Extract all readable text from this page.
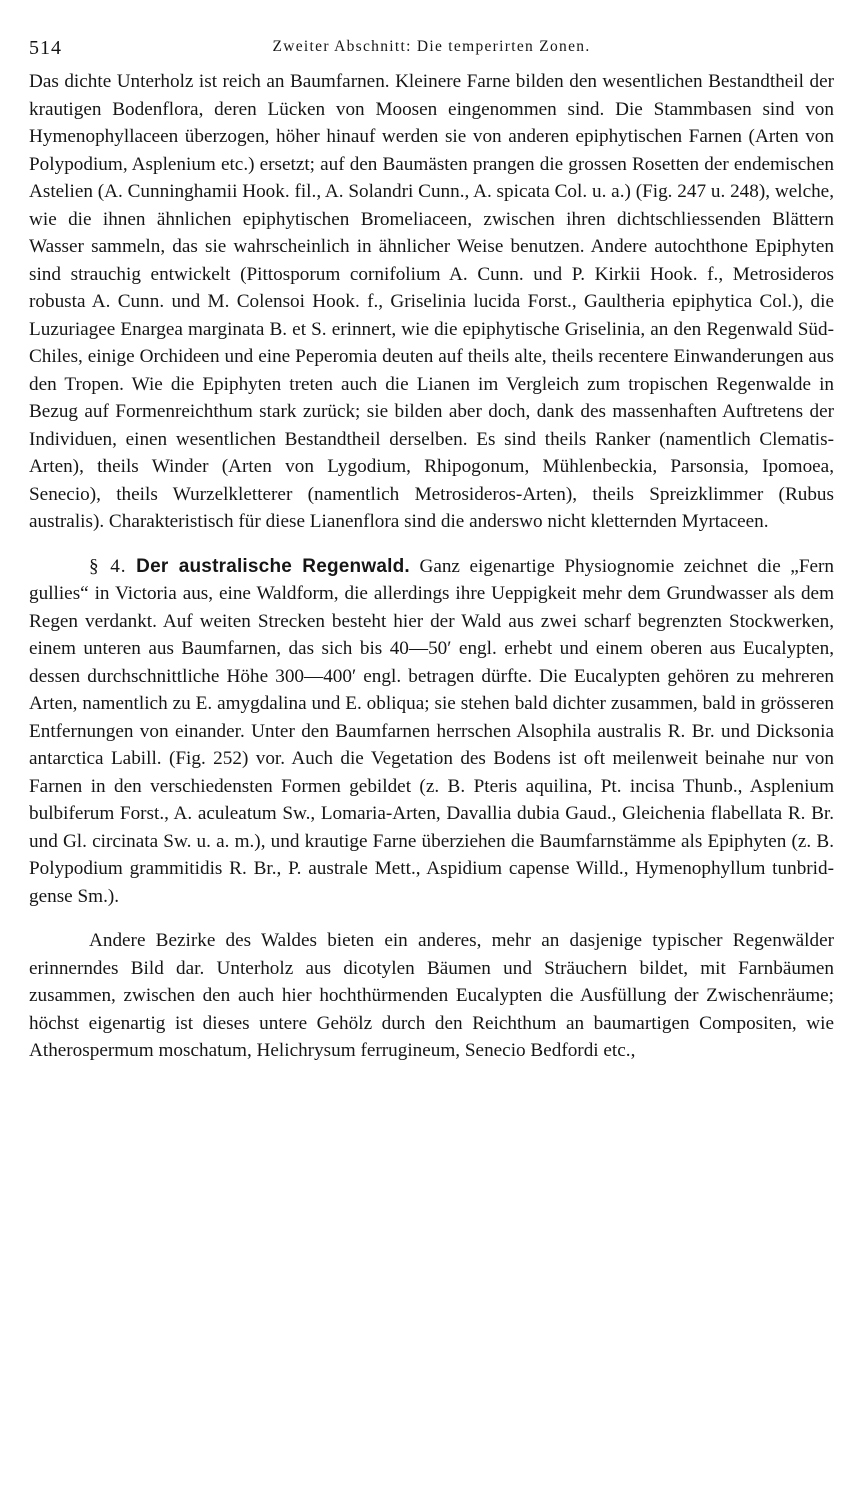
514	Zweiter Abschnitt: Die temperirten Zonen.

Das dichte Unterholz ist reich an Baumfarnen. Kleinere Farne bilden den wesentlichen Bestandtheil der krautigen Bodenflora, deren Lücken von Moosen eingenommen sind. Die Stammbasen sind von Hymenophyllaceen überzogen, höher hinauf werden sie von anderen epiphytischen Farnen (Arten von Polypodium, Asplenium etc.) ersetzt; auf den Baumästen prangen die grossen Rosetten der endemischen Astelien (A. Cunninghamii Hook. fil., A. Solandri Cunn., A. spicata Col. u. a.) (Fig. 247 u. 248), welche, wie die ihnen ähnlichen epiphytischen Bromeliaceen, zwischen ihren dichtschliessenden Blättern Wasser sammeln, das sie wahrscheinlich in ähnlicher Weise benutzen. Andere autochthone Epiphyten sind strauchig entwickelt (Pittosporum cornifolium A. Cunn. und P. Kirkii Hook. f., Metrosideros robusta A. Cunn. und M. Colensoi Hook. f., Griselinia lucida Forst., Gaultheria epiphytica Col.), die Luzuriagee Enargea marginata B. et S. erinnert, wie die epiphytische Griselinia, an den Regenwald Süd-Chiles, einige Orchideen und eine Peperomia deuten auf theils alte, theils recentere Einwanderungen aus den Tropen. Wie die Epiphyten treten auch die Lianen im Vergleich zum tropischen Regenwalde in Bezug auf Formenreichthum stark zurück; sie bilden aber doch, dank des massenhaften Auftretens der Individuen, einen wesentlichen Bestandtheil derselben. Es sind theils Ranker (namentlich Clematis-Arten), theils Winder (Arten von Lygodium, Rhipogonum, Mühlenbeckia, Parsonsia, Ipomoea, Senecio), theils Wurzelkletterer (namentlich Metrosideros-Arten), theils Spreizklimmer (Rubus australis). Charakteristisch für diese Lianenflora sind die anderswo nicht kletternden Myrtaceen.

§ 4. Der australische Regenwald. Ganz eigenartige Physiognomie zeichnet die „Fern gullies“ in Victoria aus, eine Waldform, die allerdings ihre Ueppigkeit mehr dem Grundwasser als dem Regen verdankt. Auf weiten Strecken besteht hier der Wald aus zwei scharf begrenzten Stockwerken, einem unteren aus Baumfarnen, das sich bis 40—50′ engl. erhebt und einem oberen aus Eucalypten, dessen durchschnittliche Höhe 300—400′ engl. betragen dürfte. Die Eucalypten gehören zu mehreren Arten, namentlich zu E. amygdalina und E. obliqua; sie stehen bald dichter zusammen, bald in grösseren Entfernungen von einander. Unter den Baumfarnen herrschen Alsophila australis R. Br. und Dicksonia antarctica Labill. (Fig. 252) vor. Auch die Vegetation des Bodens ist oft meilenweit beinahe nur von Farnen in den verschiedensten Formen gebildet (z. B. Pteris aquilina, Pt. incisa Thunb., Asplenium bulbiferum Forst., A. aculeatum Sw., Lomaria-Arten, Davallia dubia Gaud., Gleichenia flabellata R. Br. und Gl. circinata Sw. u. a. m.), und krautige Farne überziehen die Baumfarnstämme als Epiphyten (z. B. Polypodium grammitidis R. Br., P. australe Mett., Aspidium capense Willd., Hymenophyllum tunbridgense Sm.).

Andere Bezirke des Waldes bieten ein anderes, mehr an dasjenige typischer Regenwälder erinnerndes Bild dar. Unterholz aus dicotylen Bäumen und Sträuchern bildet, mit Farnbäumen zusammen, zwischen den auch hier hochthürmenden Eucalypten die Ausfüllung der Zwischenräume; höchst eigenartig ist dieses untere Gehölz durch den Reichthum an baumartigen Compositen, wie Atherospermum moschatum, Helichrysum ferrugineum, Senecio Bedfordi etc.,
